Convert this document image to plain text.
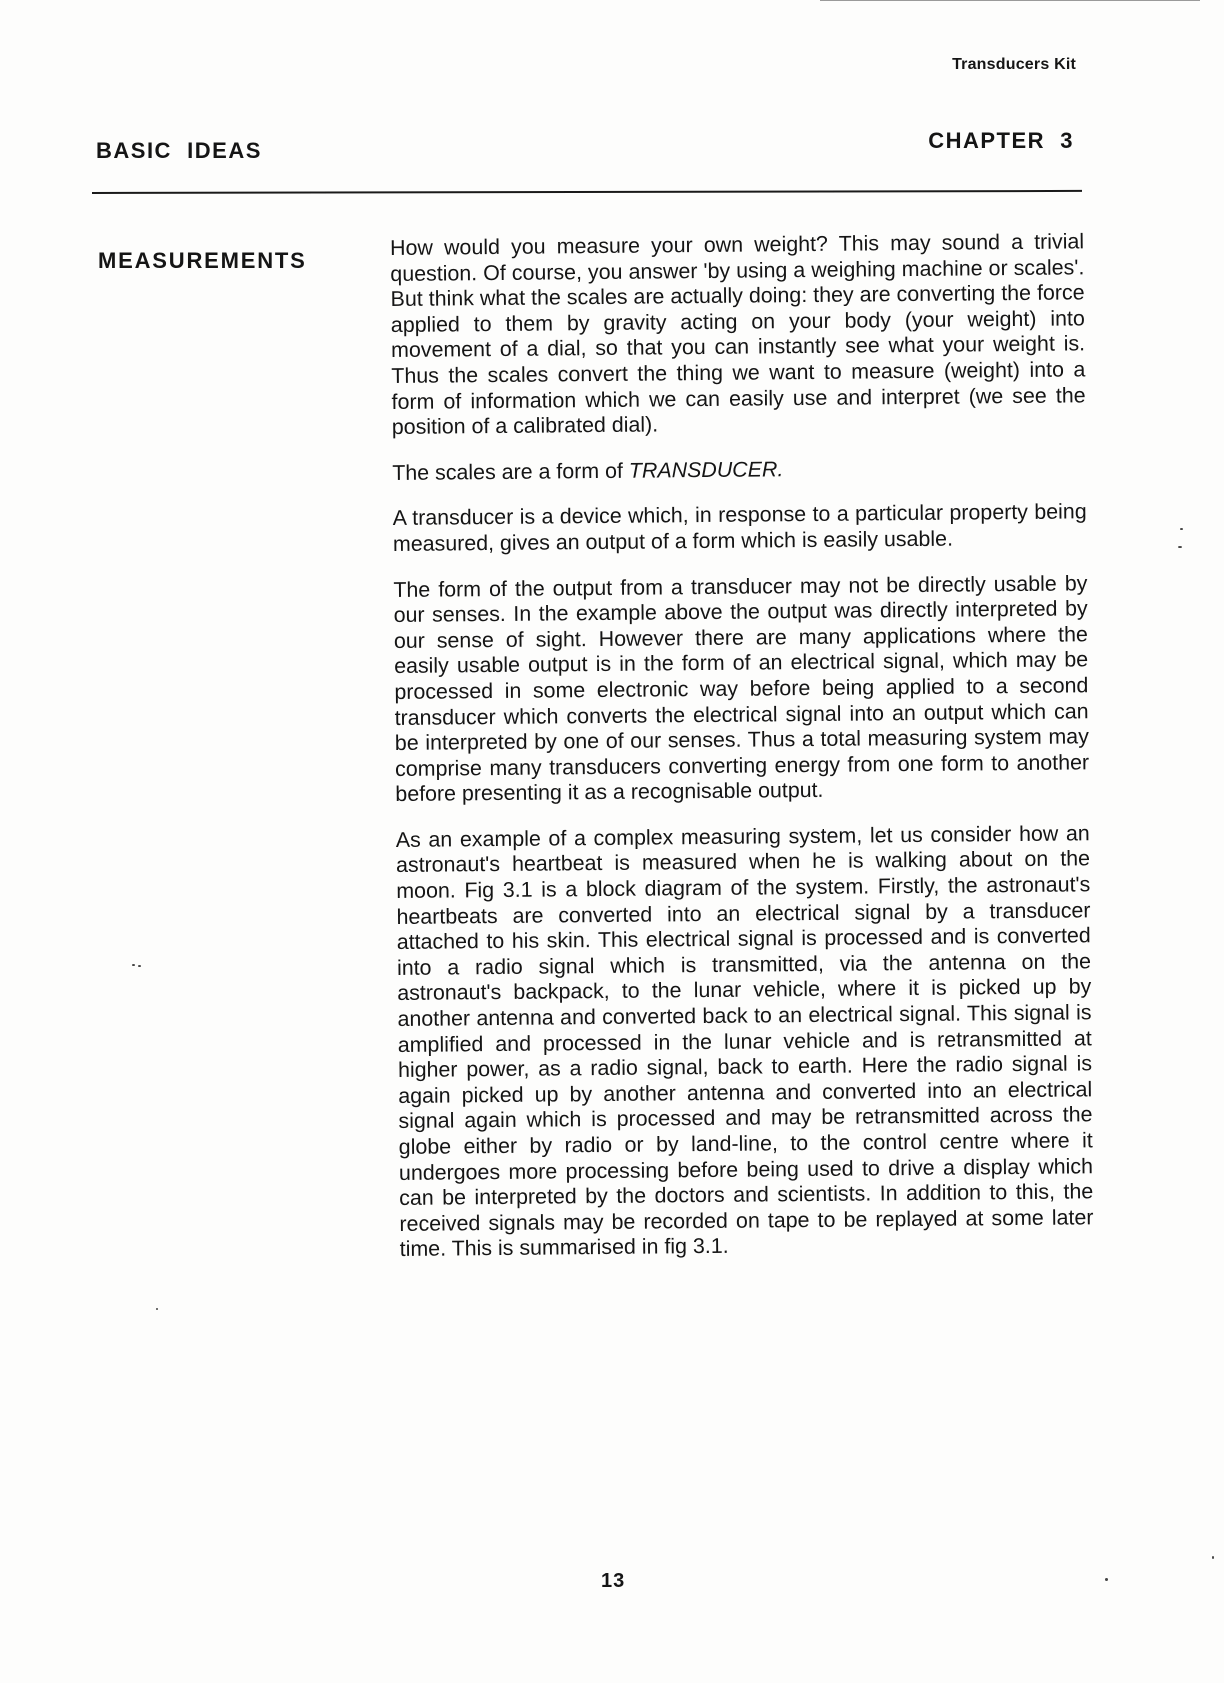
Transducers Kit
BASIC  IDEAS	CHAPTER  3
MEASUREMENTS

How would you measure your own weight? This may sound a trivial question. Of course, you answer 'by using a weighing machine or scales'. But think what the scales are actually doing: they are converting the force applied to them by gravity acting on your body (your weight) into movement of a dial, so that you can instantly see what your weight is. Thus the scales convert the thing we want to measure (weight) into a form of information which we can easily use and interpret (we see the position of a calibrated dial).

The scales are a form of TRANSDUCER.

A transducer is a device which, in response to a particular property being measured, gives an output of a form which is easily usable.

The form of the output from a transducer may not be directly usable by our senses. In the example above the output was directly interpreted by our sense of sight. However there are many applications where the easily usable output is in the form of an electrical signal, which may be processed in some electronic way before being applied to a second transducer which converts the electrical signal into an output which can be interpreted by one of our senses. Thus a total measuring system may comprise many transducers converting energy from one form to another before presenting it as a recognisable output.

As an example of a complex measuring system, let us consider how an astronaut's heartbeat is measured when he is walking about on the moon. Fig 3.1 is a block diagram of the system. Firstly, the astronaut's heartbeats are converted into an electrical signal by a transducer attached to his skin. This electrical signal is processed and is converted into a radio signal which is transmitted, via the antenna on the astronaut's backpack, to the lunar vehicle, where it is picked up by another antenna and converted back to an electrical signal. This signal is amplified and processed in the lunar vehicle and is retransmitted at higher power, as a radio signal, back to earth. Here the radio signal is again picked up by another antenna and converted into an electrical signal again which is processed and may be retransmitted across the globe either by radio or by land-line, to the control centre where it undergoes more processing before being used to drive a display which can be interpreted by the doctors and scientists. In addition to this, the received signals may be recorded on tape to be replayed at some later time. This is summarised in fig 3.1.

13
